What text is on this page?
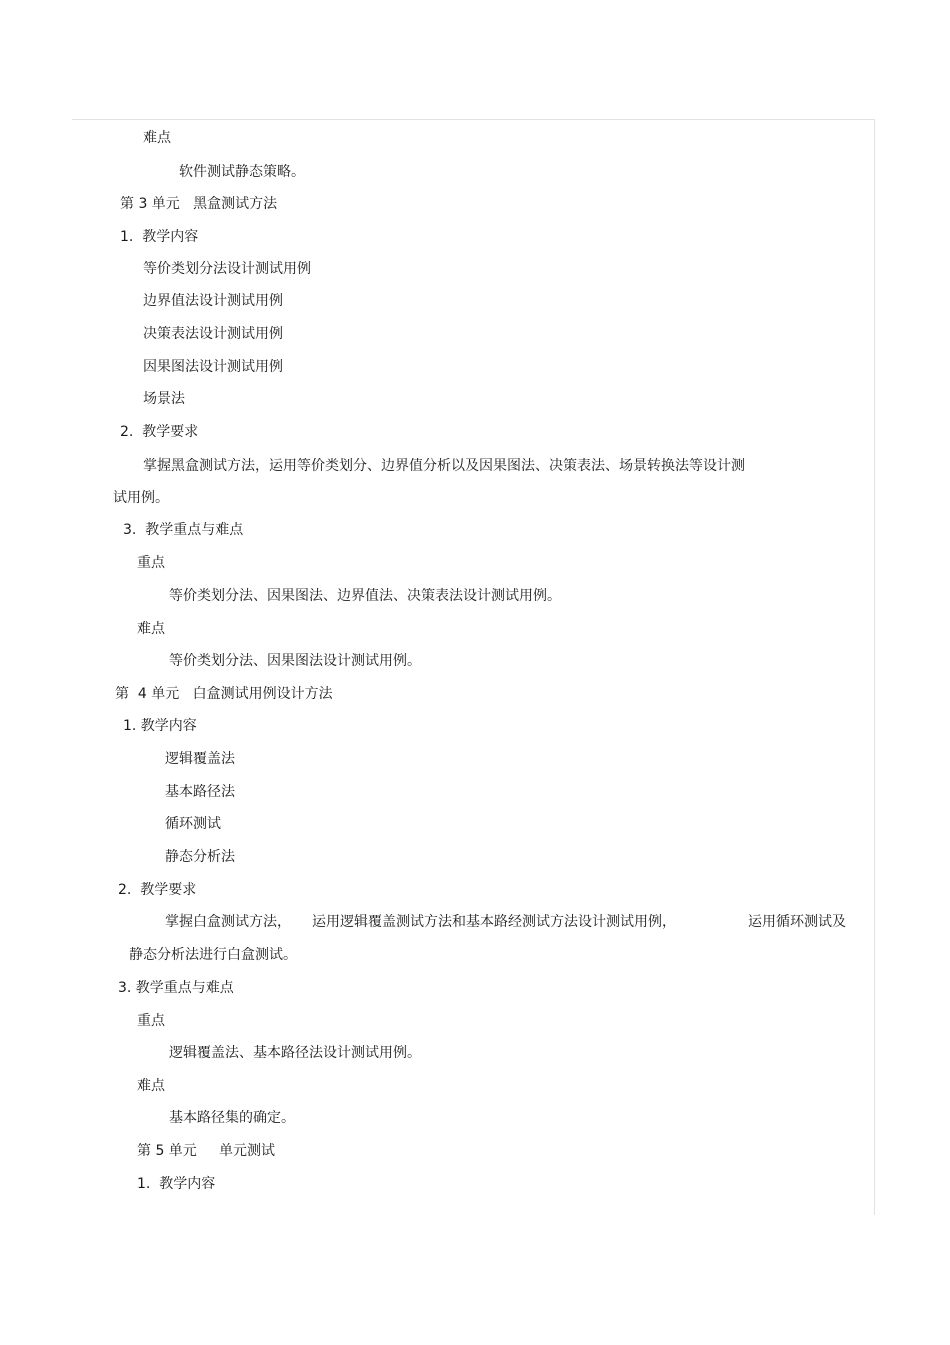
难点
软件测试静态策略。
第 3 单元   黑盒测试方法
1.  教学内容
等价类划分法设计测试用例
边界值法设计测试用例
决策表法设计测试用例
因果图法设计测试用例
场景法
2.  教学要求
掌握黑盒测试方法，运用等价类划分、边界值分析以及因果图法、决策表法、场景转换法等设计测
试用例。
3.  教学重点与难点
重点
等价类划分法、因果图法、边界值法、决策表法设计测试用例。
难点
等价类划分法、因果图法设计测试用例。
第  4 单元   白盒测试用例设计方法
1. 教学内容
逻辑覆盖法
基本路径法
循环测试
静态分析法
2.  教学要求
掌握白盒测试方法， 运用逻辑覆盖测试方法和基本路经测试方法设计测试用例，	运用循环测试及
静态分析法进行白盒测试。
3. 教学重点与难点
重点
逻辑覆盖法、基本路径法设计测试用例。
难点
基本路径集的确定。
第 5 单元     单元测试
1.  教学内容
